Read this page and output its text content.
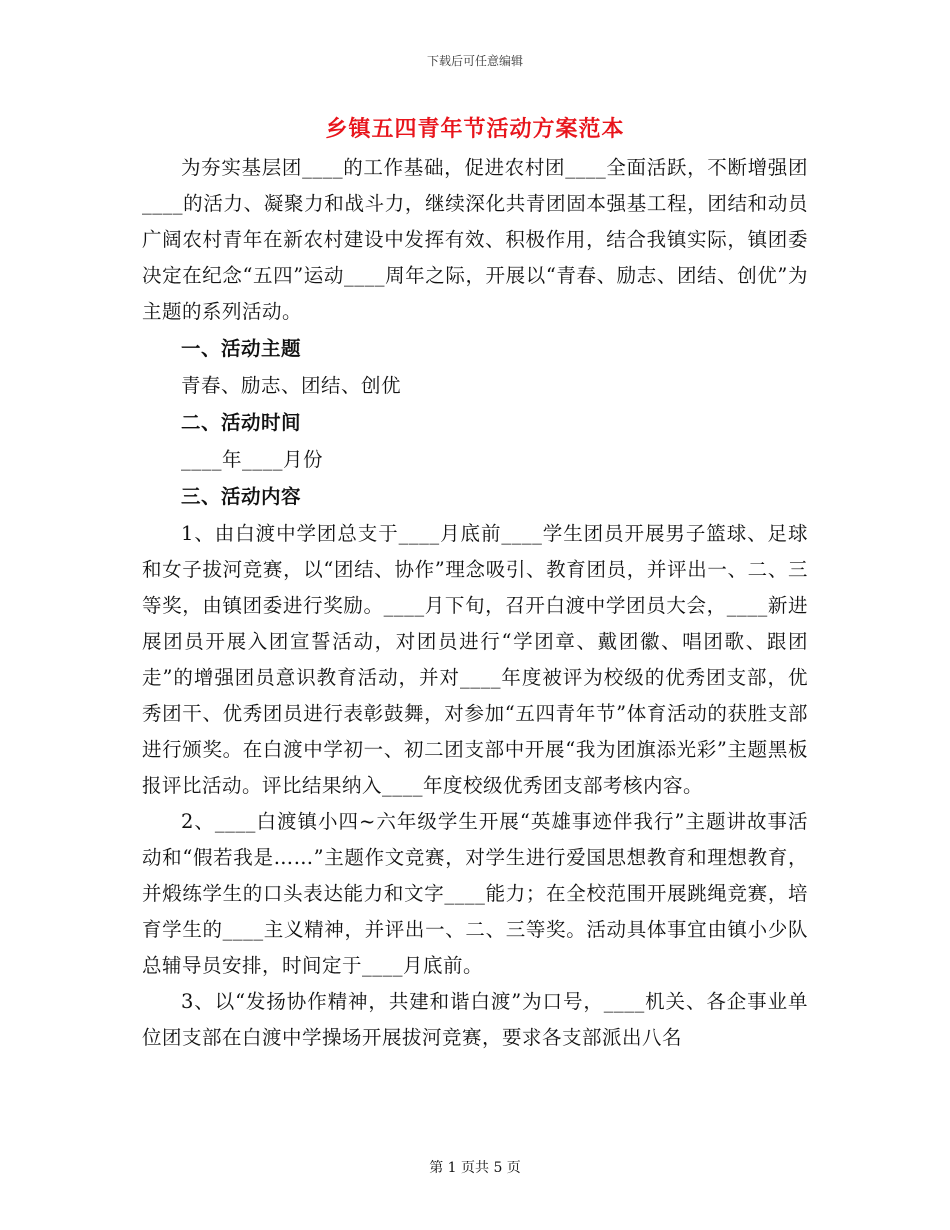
下载后可任意编辑
乡镇五四青年节活动方案范本

为夯实基层团____的工作基础，促进农村团____全面活跃，不断增强团____的活力、凝聚力和战斗力，继续深化共青团固本强基工程，团结和动员广阔农村青年在新农村建设中发挥有效、积极作用，结合我镇实际，镇团委决定在纪念“五四”运动____周年之际，开展以“青春、励志、团结、创优”为主题的系列活动。

一、活动主题

青春、励志、团结、创优

二、活动时间

____年____月份

三、活动内容

1、由白渡中学团总支于____月底前____学生团员开展男子篮球、足球和女子拔河竞赛，以“团结、协作”理念吸引、教育团员，并评出一、二、三等奖，由镇团委进行奖励。____月下旬，召开白渡中学团员大会，____新进展团员开展入团宣誓活动，对团员进行“学团章、戴团徽、唱团歌、跟团走”的增强团员意识教育活动，并对____年度被评为校级的优秀团支部，优秀团干、优秀团员进行表彰鼓舞，对参加“五四青年节”体育活动的获胜支部进行颁奖。在白渡中学初一、初二团支部中开展“我为团旗添光彩”主题黑板报评比活动。评比结果纳入____年度校级优秀团支部考核内容。

2、____白渡镇小四~六年级学生开展“英雄事迹伴我行”主题讲故事活动和“假若我是……”主题作文竞赛，对学生进行爱国思想教育和理想教育，并煅练学生的口头表达能力和文字____能力；在全校范围开展跳绳竞赛，培育学生的____主义精神，并评出一、二、三等奖。活动具体事宜由镇小少队总辅导员安排，时间定于____月底前。

3、以“发扬协作精神，共建和谐白渡”为口号，____机关、各企事业单位团支部在白渡中学操场开展拔河竞赛，要求各支部派出八名

第 1 页共 5 页
